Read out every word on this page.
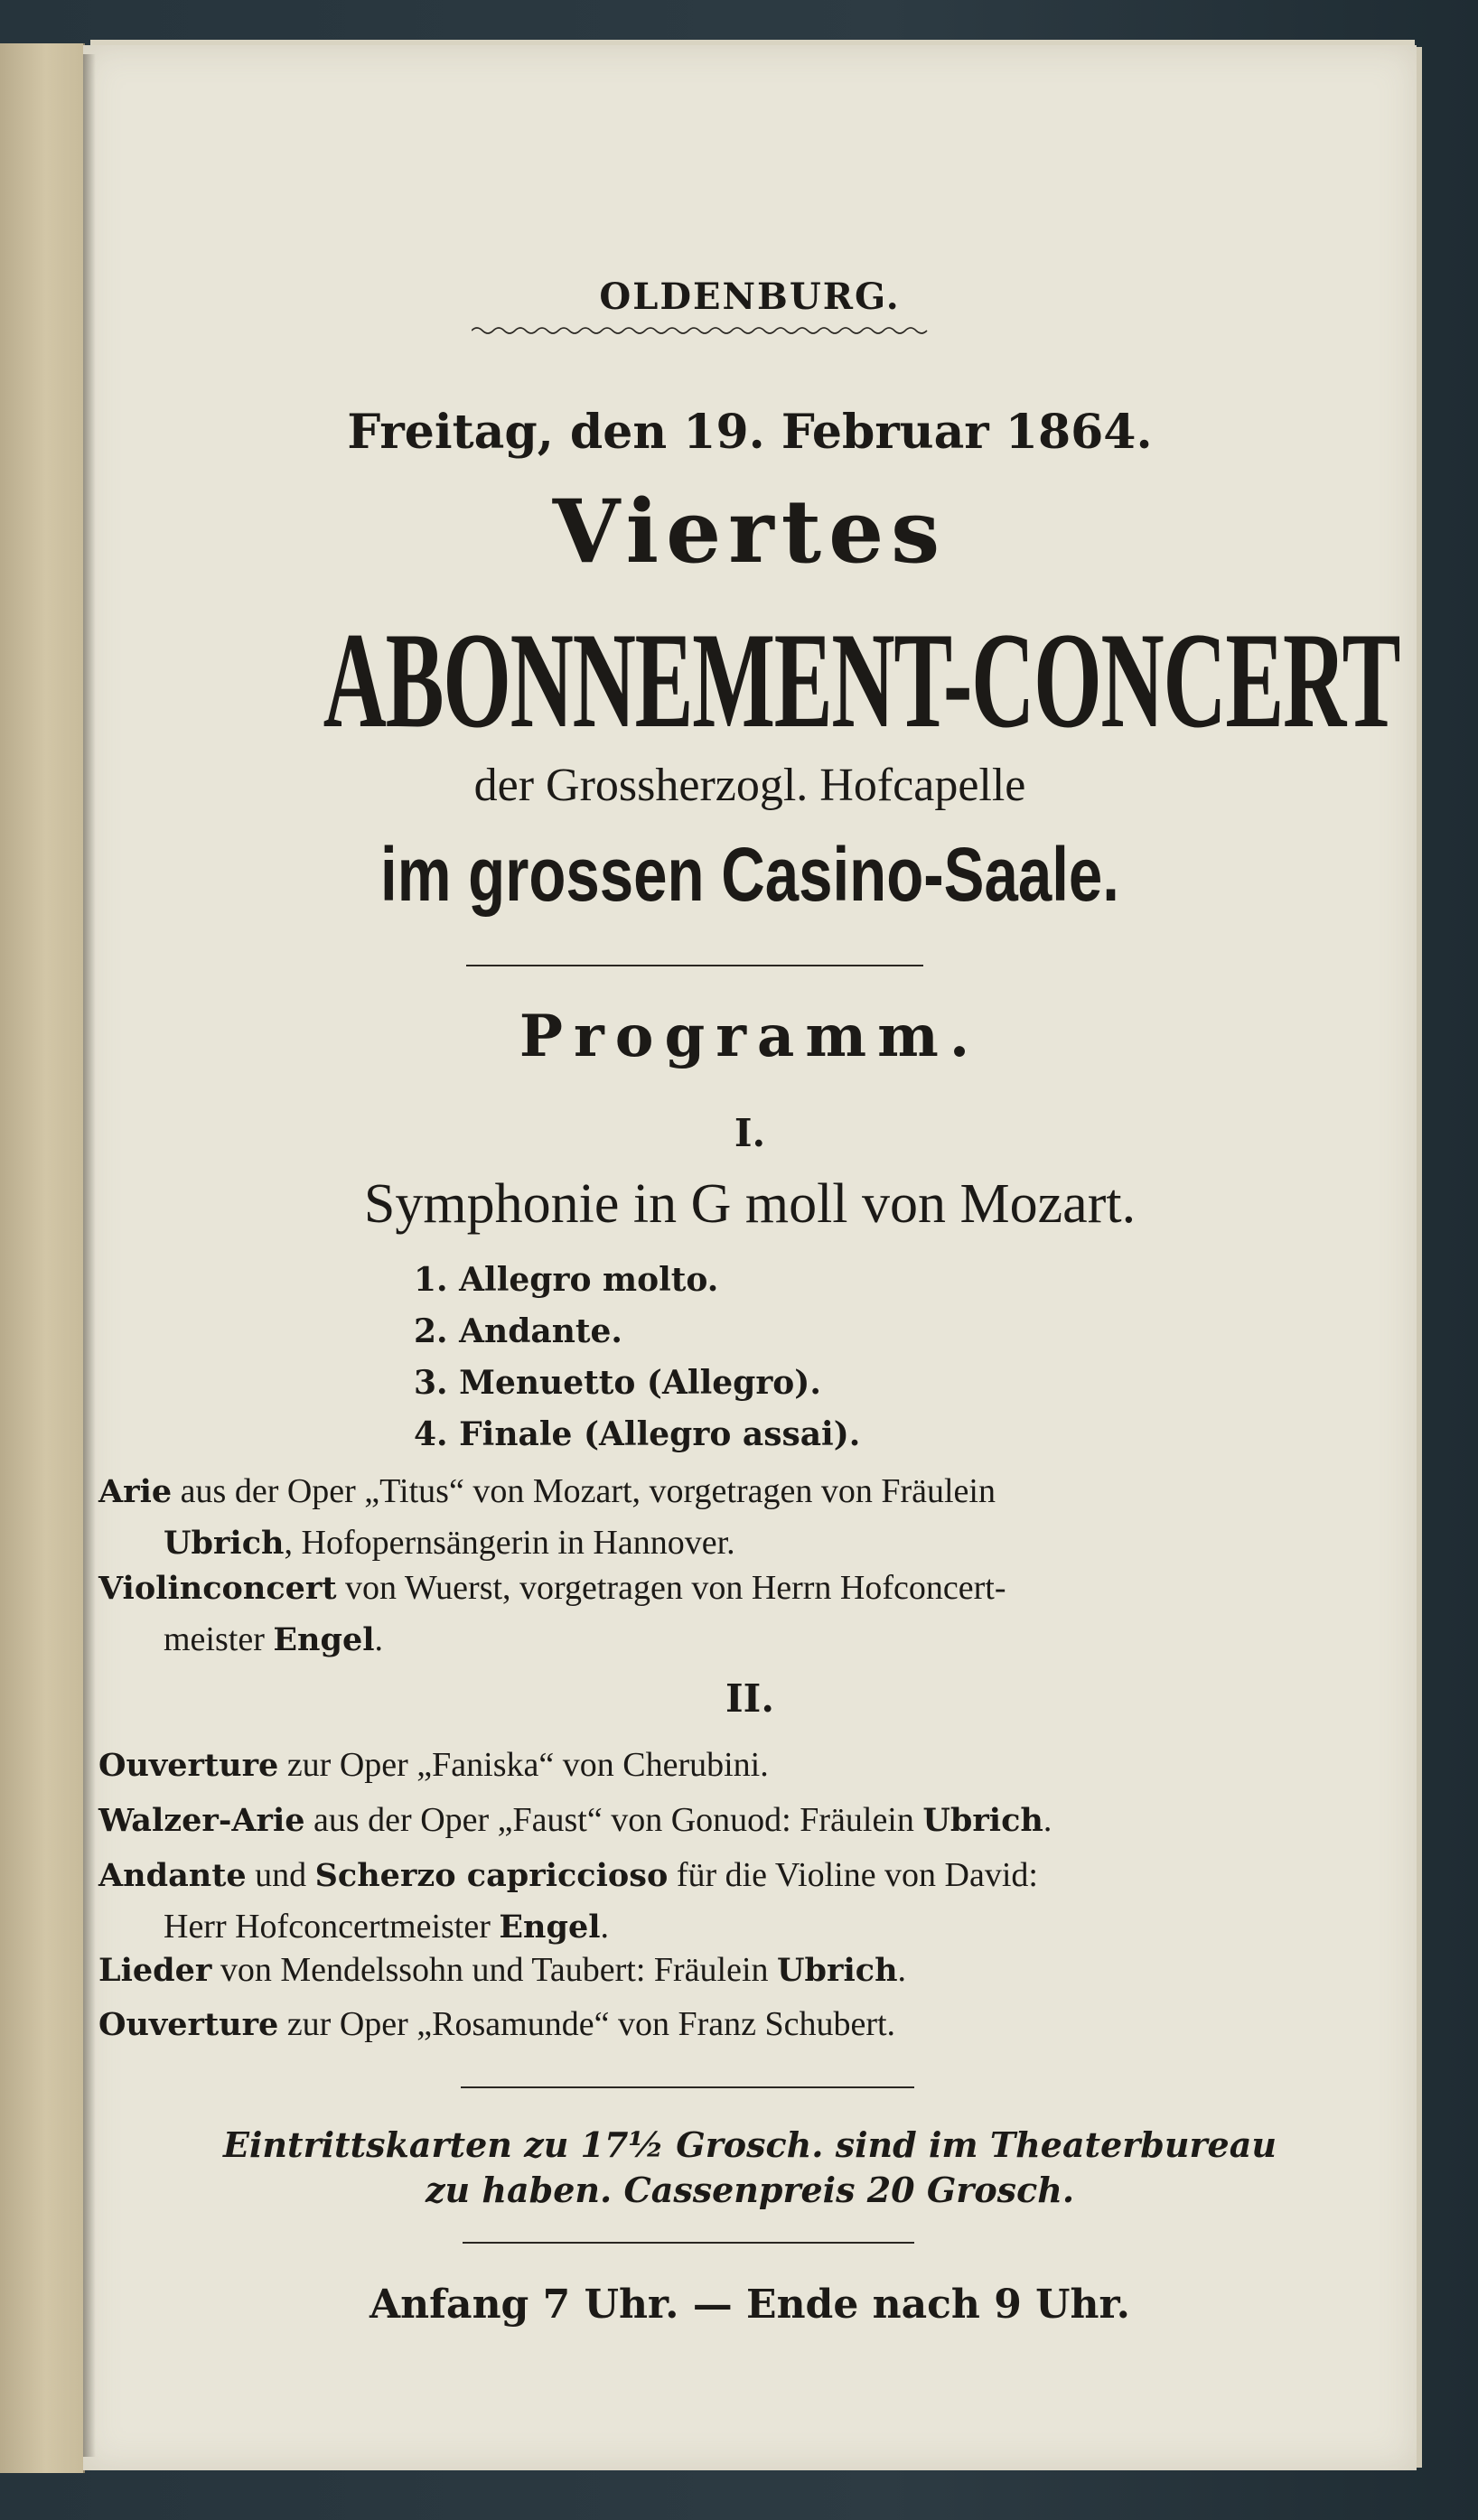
OLDENBURG.
Freitag, den 19. Februar 1864.
Viertes
ABONNEMENT-CONCERT
der Grossherzogl. Hofcapelle
im grossen Casino-Saale.
Programm.
I.
Symphonie in G moll von Mozart.
1. Allegro molto.
2. Andante.
3. Menuetto (Allegro).
4. Finale (Allegro assai).
Arie aus der Oper „Titus“ von Mozart, vorgetragen von Fräulein
Ubrich, Hofopernsängerin in Hannover.
Violinconcert von Wuerst, vorgetragen von Herrn Hofconcert-
meister Engel.
II.
Ouverture zur Oper „Faniska“ von Cherubini.
Walzer-Arie aus der Oper „Faust“ von Gonuod: Fräulein Ubrich.
Andante und Scherzo capriccioso für die Violine von David:
Herr Hofconcertmeister Engel.
Lieder von Mendelssohn und Taubert: Fräulein Ubrich.
Ouverture zur Oper „Rosamunde“ von Franz Schubert.
Eintrittskarten zu 17½ Grosch. sind im Theaterbureau
zu haben. Cassenpreis 20 Grosch.
Anfang 7 Uhr. — Ende nach 9 Uhr.
